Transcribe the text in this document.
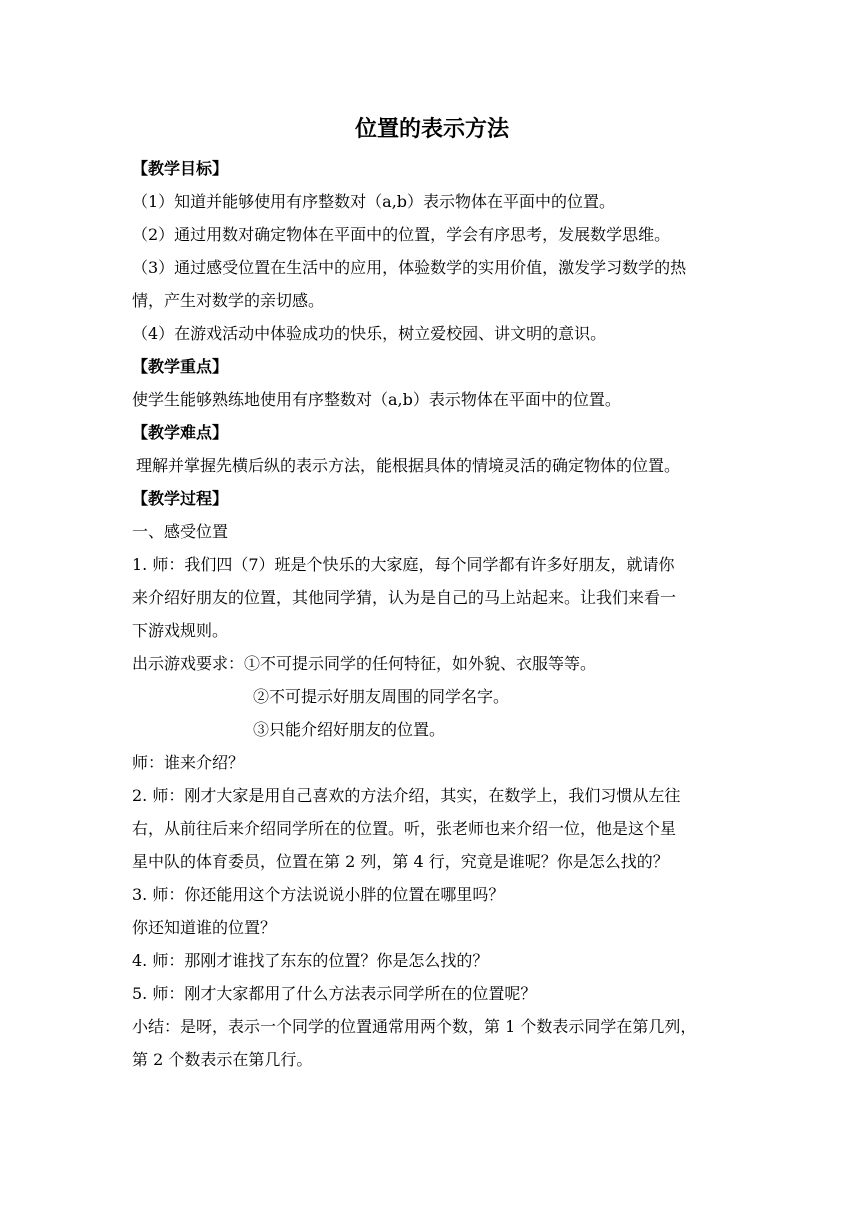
位置的表示方法
【教学目标】
（1）知道并能够使用有序整数对（a,b）表示物体在平面中的位置。
（2）通过用数对确定物体在平面中的位置，学会有序思考，发展数学思维。
（3）通过感受位置在生活中的应用，体验数学的实用价值，激发学习数学的热
情，产生对数学的亲切感。
（4）在游戏活动中体验成功的快乐，树立爱校园、讲文明的意识。
【教学重点】
使学生能够熟练地使用有序整数对（a,b）表示物体在平面中的位置。
【教学难点】
理解并掌握先横后纵的表示方法，能根据具体的情境灵活的确定物体的位置。
【教学过程】
一、感受位置
1. 师：我们四（7）班是个快乐的大家庭，每个同学都有许多好朋友，就请你
来介绍好朋友的位置，其他同学猜，认为是自己的马上站起来。让我们来看一
下游戏规则。
出示游戏要求：①不可提示同学的任何特征，如外貌、衣服等等。
②不可提示好朋友周围的同学名字。
③只能介绍好朋友的位置。
师：谁来介绍？
2. 师：刚才大家是用自己喜欢的方法介绍，其实，在数学上，我们习惯从左往
右，从前往后来介绍同学所在的位置。听，张老师也来介绍一位，他是这个星
星中队的体育委员，位置在第 2 列，第 4 行，究竟是谁呢？你是怎么找的？
3. 师：你还能用这个方法说说小胖的位置在哪里吗？
你还知道谁的位置？
4. 师：那刚才谁找了东东的位置？你是怎么找的？
5. 师：刚才大家都用了什么方法表示同学所在的位置呢？
小结：是呀，表示一个同学的位置通常用两个数，第 1 个数表示同学在第几列，
第 2 个数表示在第几行。
